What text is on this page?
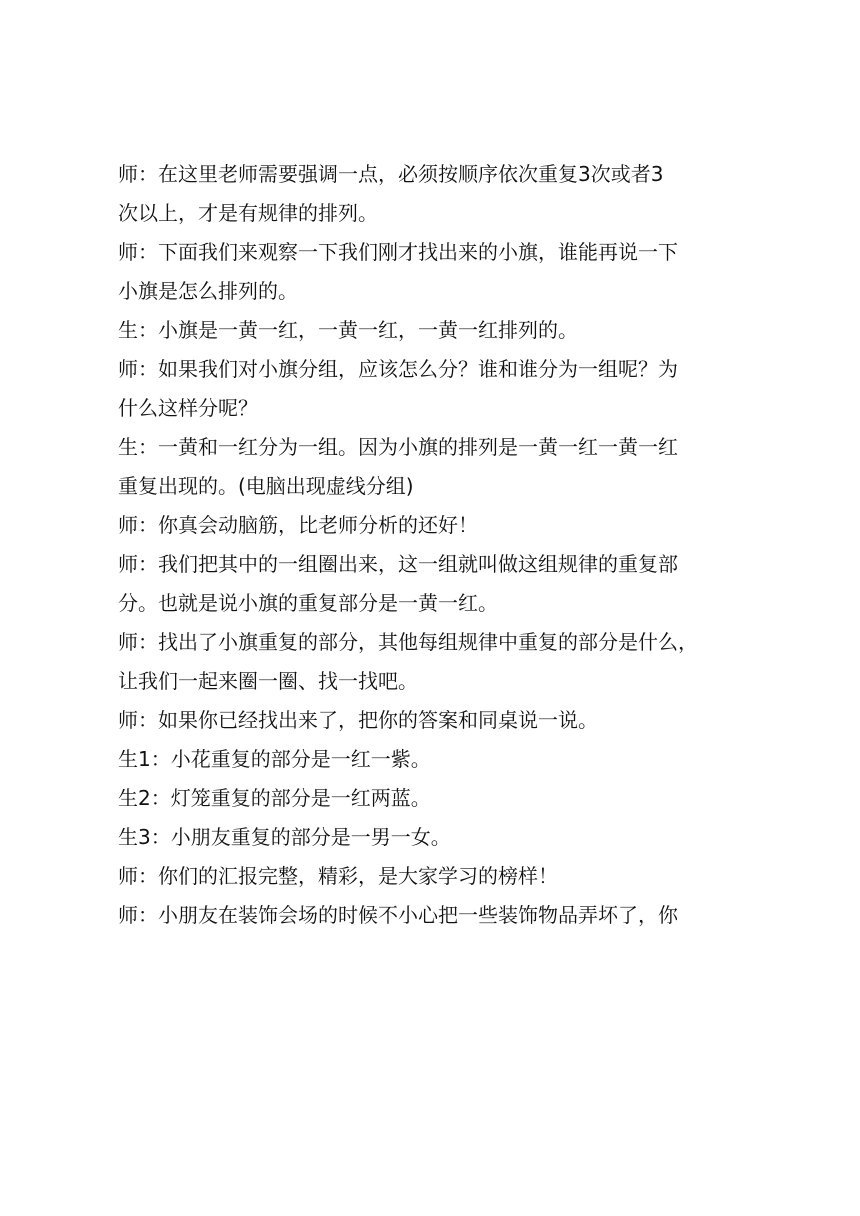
师：在这里老师需要强调一点，必须按顺序依次重复3次或者3
次以上，才是有规律的排列。
师：下面我们来观察一下我们刚才找出来的小旗，谁能再说一下
小旗是怎么排列的。
生：小旗是一黄一红，一黄一红，一黄一红排列的。
师：如果我们对小旗分组，应该怎么分？谁和谁分为一组呢？为
什么这样分呢？
生：一黄和一红分为一组。因为小旗的排列是一黄一红一黄一红
重复出现的。(电脑出现虚线分组)
师：你真会动脑筋，比老师分析的还好！
师：我们把其中的一组圈出来，这一组就叫做这组规律的重复部
分。也就是说小旗的重复部分是一黄一红。
师：找出了小旗重复的部分，其他每组规律中重复的部分是什么，
让我们一起来圈一圈、找一找吧。
师：如果你已经找出来了，把你的答案和同桌说一说。
生1：小花重复的部分是一红一紫。
生2：灯笼重复的部分是一红两蓝。
生3：小朋友重复的部分是一男一女。
师：你们的汇报完整，精彩，是大家学习的榜样！
师：小朋友在装饰会场的时候不小心把一些装饰物品弄坏了，你
